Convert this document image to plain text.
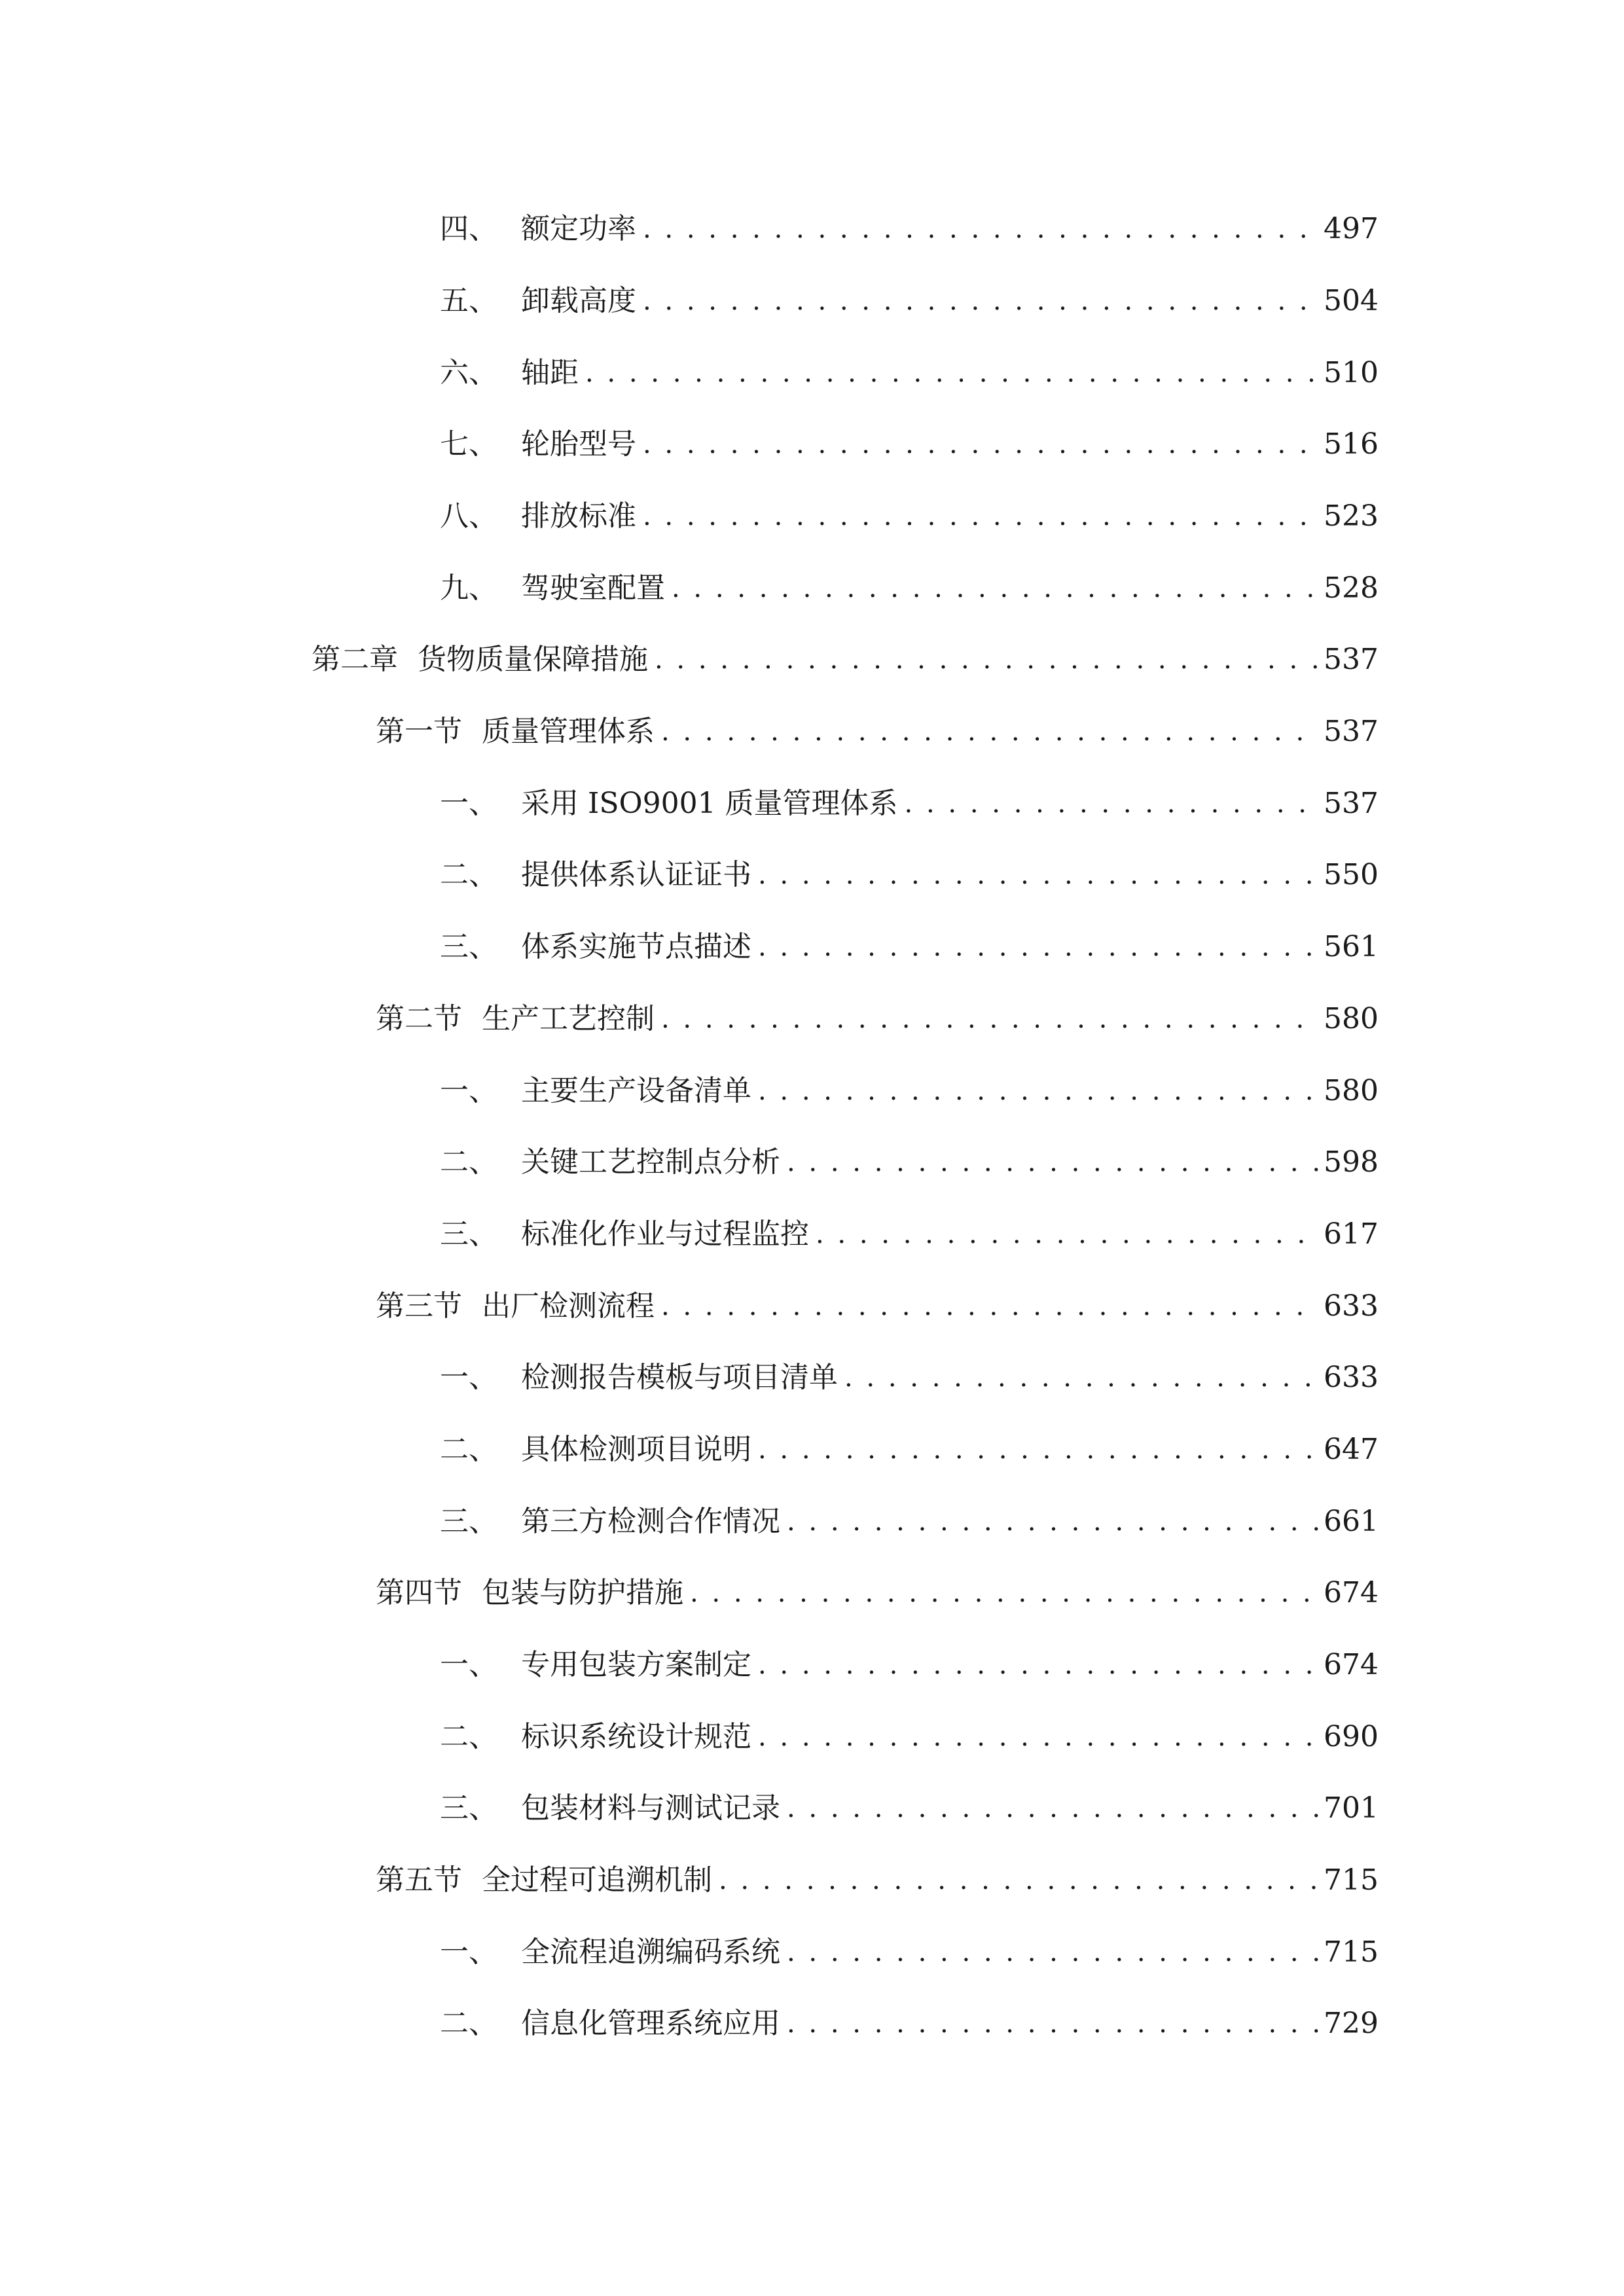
四、 额定功率 . . .	497
五、 卸载高度 . . .	504
六、 轴距 . . .	510
七、 轮胎型号 . . .	516
八、 排放标准 . . .	523
九、 驾驶室配置 . . .	528
第二章 货物质量保障措施 . . .	537
第一节 质量管理体系 . . .	537
一、 采用 ISO9001 质量管理体系 . . .	537
二、 提供体系认证证书 . . .	550
三、 体系实施节点描述 . . .	561
第二节 生产工艺控制 . . .	580
一、 主要生产设备清单 . . .	580
二、 关键工艺控制点分析 . . .	598
三、 标准化作业与过程监控 . . .	617
第三节 出厂检测流程 . . .	633
一、 检测报告模板与项目清单 . . .	633
二、 具体检测项目说明 . . .	647
三、 第三方检测合作情况 . . .	661
第四节 包装与防护措施 . . .	674
一、 专用包装方案制定 . . .	674
二、 标识系统设计规范 . . .	690
三、 包装材料与测试记录 . . .	701
第五节 全过程可追溯机制 . . .	715
一、 全流程追溯编码系统 . . .	715
二、 信息化管理系统应用 . . .	729
